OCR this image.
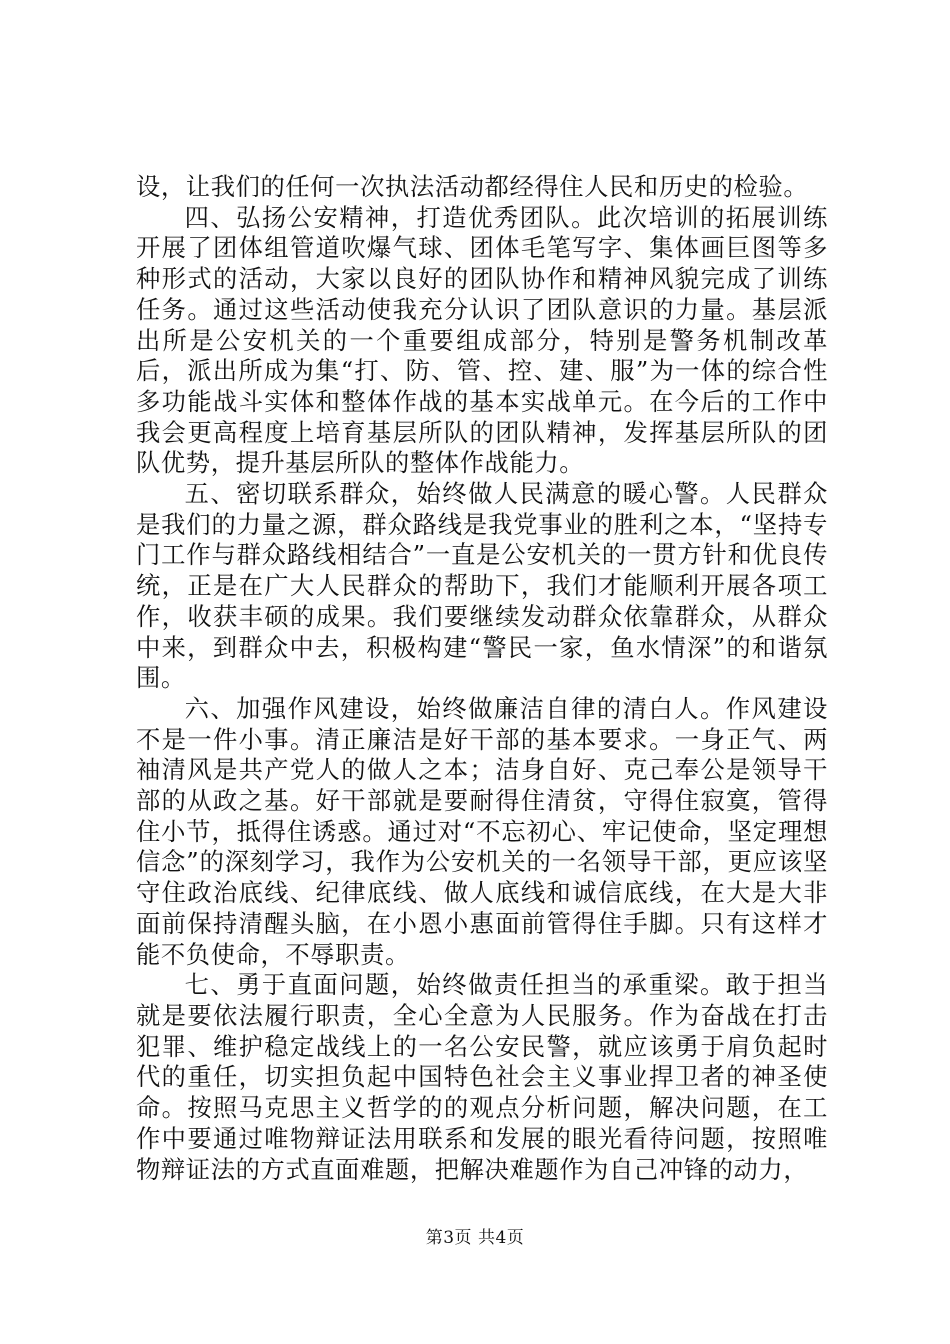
设，让我们的任何一次执法活动都经得住人民和历史的检验。

四、弘扬公安精神，打造优秀团队。此次培训的拓展训练开展了团体组管道吹爆气球、团体毛笔写字、集体画巨图等多种形式的活动，大家以良好的团队协作和精神风貌完成了训练任务。通过这些活动使我充分认识了团队意识的力量。基层派出所是公安机关的一个重要组成部分，特别是警务机制改革后，派出所成为集“打、防、管、控、建、服”为一体的综合性多功能战斗实体和整体作战的基本实战单元。在今后的工作中我会更高程度上培育基层所队的团队精神，发挥基层所队的团队优势，提升基层所队的整体作战能力。

五、密切联系群众，始终做人民满意的暖心警。人民群众是我们的力量之源，群众路线是我党事业的胜利之本，“坚持专门工作与群众路线相结合”一直是公安机关的一贯方针和优良传统，正是在广大人民群众的帮助下，我们才能顺利开展各项工作，收获丰硕的成果。我们要继续发动群众依靠群众，从群众中来，到群众中去，积极构建“警民一家，鱼水情深”的和谐氛围。

六、加强作风建设，始终做廉洁自律的清白人。作风建设不是一件小事。清正廉洁是好干部的基本要求。一身正气、两袖清风是共产党人的做人之本；洁身自好、克己奉公是领导干部的从政之基。好干部就是要耐得住清贫，守得住寂寞，管得住小节，抵得住诱惑。通过对“不忘初心、牢记使命，坚定理想信念”的深刻学习，我作为公安机关的一名领导干部，更应该坚守住政治底线、纪律底线、做人底线和诚信底线，在大是大非面前保持清醒头脑，在小恩小惠面前管得住手脚。只有这样才能不负使命，不辱职责。

七、勇于直面问题，始终做责任担当的承重梁。敢于担当就是要依法履行职责，全心全意为人民服务。作为奋战在打击犯罪、维护稳定战线上的一名公安民警，就应该勇于肩负起时代的重任，切实担负起中国特色社会主义事业捍卫者的神圣使命。按照马克思主义哲学的的观点分析问题，解决问题，在工作中要通过唯物辩证法用联系和发展的眼光看待问题，按照唯物辩证法的方式直面难题，把解决难题作为自己冲锋的动力，

第3页 共4页
